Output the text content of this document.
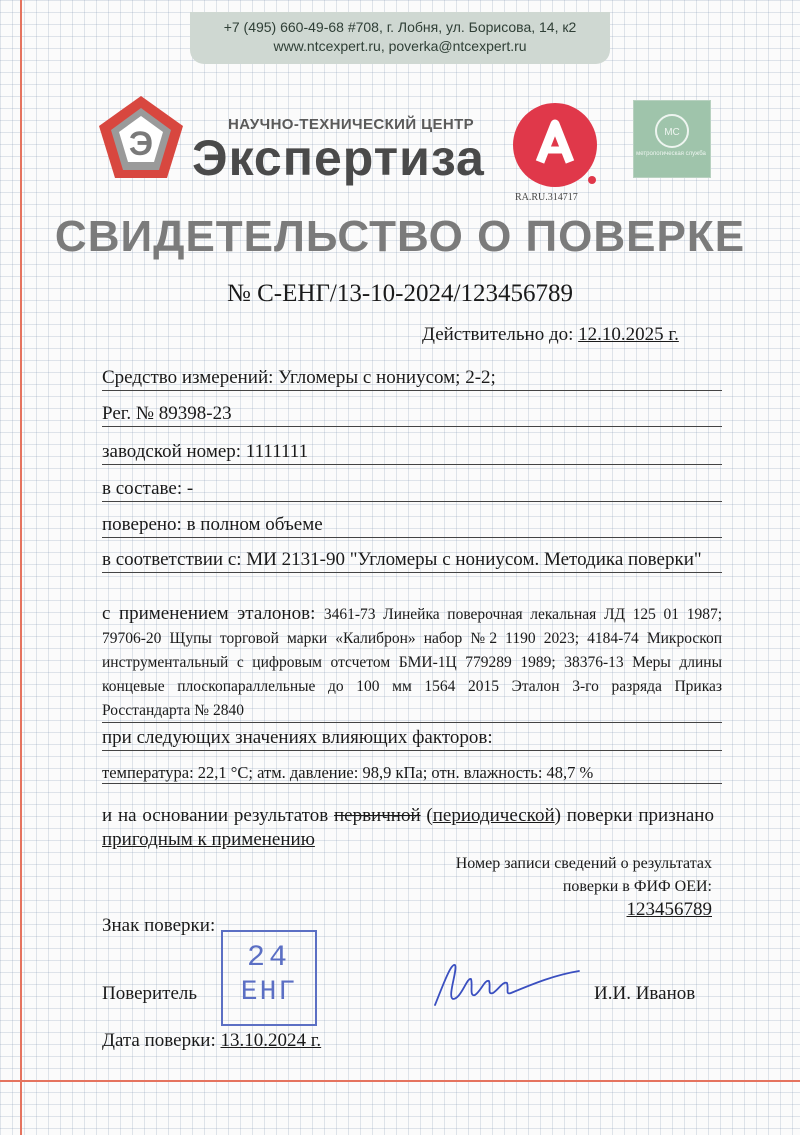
+7 (495) 660-49-68 #708, г. Лобня, ул. Борисова, 14, к2
www.ntcexpert.ru, poverka@ntcexpert.ru
Э
НАУЧНО-ТЕХНИЧЕСКИЙ ЦЕНТР
Экспертиза
RA.RU.314717
МС
метрологическая служба
СВИДЕТЕЛЬСТВО О ПОВЕРКЕ
№ С-ЕНГ/13-10-2024/123456789
Действительно до: 12.10.2025 г.
Средство измерений: Угломеры с нониусом; 2-2;
Рег. № 89398-23
заводской номер: 1111111
в составе: -
поверено: в полном объеме
в соответствии с: МИ 2131-90 "Угломеры с нониусом. Методика поверки"
с применением эталонов: 3461-73 Линейка поверочная лекальная ЛД 125 01 1987; 79706-20 Щупы торговой марки «Калиброн» набор №2 1190 2023; 4184-74 Микроскоп инструментальный с цифровым отсчетом БМИ-1Ц 779289 1989; 38376-13 Меры длины концевые плоскопараллельные до 100 мм 1564 2015 Эталон 3-го разряда Приказ Росстандарта № 2840
при следующих значениях влияющих факторов:
температура: 22,1 °С; атм. давление: 98,9 кПа; отн. влажность: 48,7 %
и на основании результатов первичной (периодической) поверки признано пригодным к применению
Номер записи сведений о результатах
поверки в ФИФ ОЕИ:
123456789
Знак поверки:
24
ЕНГ
Поверитель	И.И. Иванов
Дата поверки: 13.10.2024 г.
